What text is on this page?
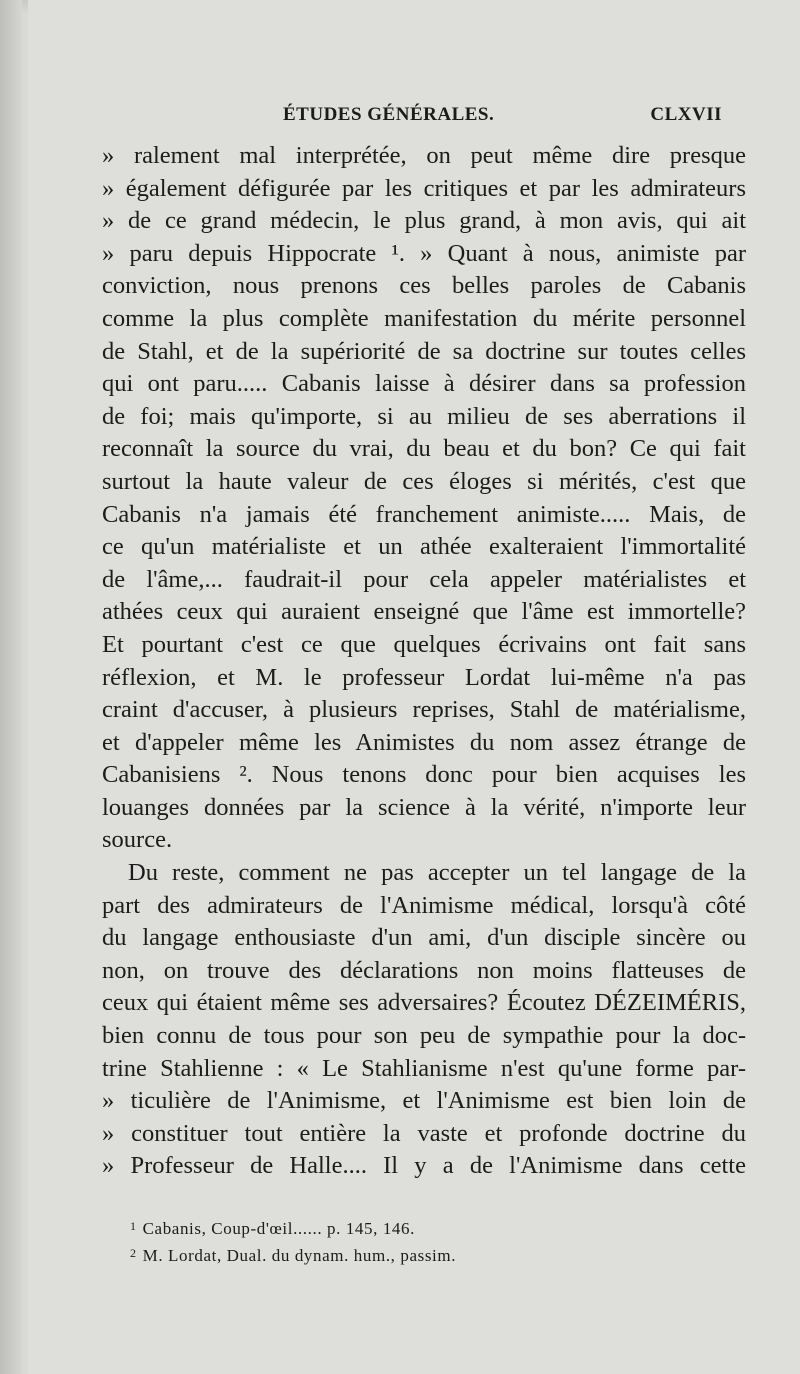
ÉTUDES GÉNÉRALES.	CLXVII
» ralement mal interprétée, on peut même dire presque
» également défigurée par les critiques et par les admirateurs
» de ce grand médecin, le plus grand, à mon avis, qui ait
» paru depuis Hippocrate ¹. » Quant à nous, animiste par
conviction, nous prenons ces belles paroles de Cabanis
comme la plus complète manifestation du mérite personnel
de Stahl, et de la supériorité de sa doctrine sur toutes celles
qui ont paru..... Cabanis laisse à désirer dans sa profession
de foi; mais qu'importe, si au milieu de ses aberrations il
reconnaît la source du vrai, du beau et du bon? Ce qui fait
surtout la haute valeur de ces éloges si mérités, c'est que
Cabanis n'a jamais été franchement animiste..... Mais, de
ce qu'un matérialiste et un athée exalteraient l'immortalité
de l'âme,... faudrait-il pour cela appeler matérialistes et
athées ceux qui auraient enseigné que l'âme est immortelle?
Et pourtant c'est ce que quelques écrivains ont fait sans
réflexion, et M. le professeur Lordat lui-même n'a pas
craint d'accuser, à plusieurs reprises, Stahl de matérialisme,
et d'appeler même les Animistes du nom assez étrange de
Cabanisiens ². Nous tenons donc pour bien acquises les
louanges données par la science à la vérité, n'importe leur
source.
Du reste, comment ne pas accepter un tel langage de la
part des admirateurs de l'Animisme médical, lorsqu'à côté
du langage enthousiaste d'un ami, d'un disciple sincère ou
non, on trouve des déclarations non moins flatteuses de
ceux qui étaient même ses adversaires? Écoutez DÉZEIMÉRIS,
bien connu de tous pour son peu de sympathie pour la doc-
trine Stahlienne : « Le Stahlianisme n'est qu'une forme par-
» ticulière de l'Animisme, et l'Animisme est bien loin de
» constituer tout entière la vaste et profonde doctrine du
» Professeur de Halle.... Il y a de l'Animisme dans cette
$^1$ Cabanis, Coup-d'œil...... p. 145, 146.
$^2$ M. Lordat, Dual. du dynam. hum., passim.
